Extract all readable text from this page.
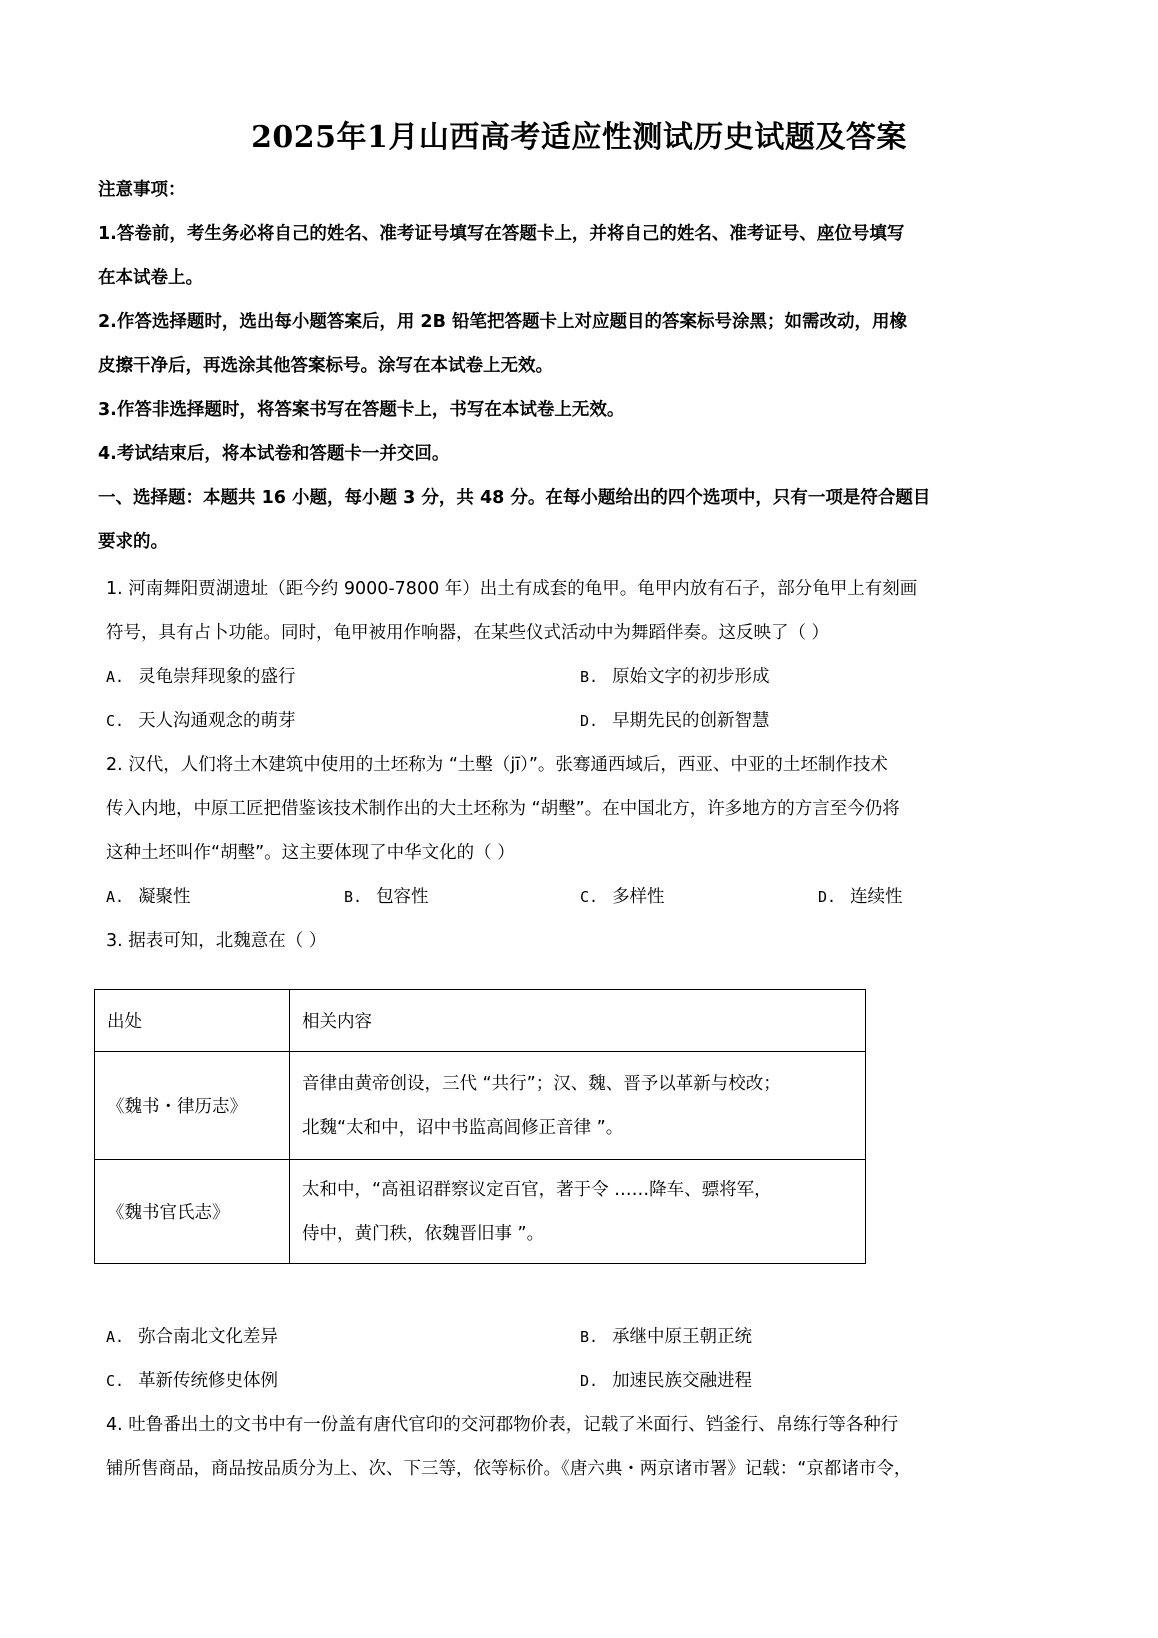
2025年1月山西高考适应性测试历史试题及答案
注意事项：
1.答卷前，考生务必将自己的姓名、准考证号填写在答题卡上，并将自己的姓名、准考证号、座位号填写
在本试卷上。
2.作答选择题时，选出每小题答案后，用 2B 铅笔把答题卡上对应题目的答案标号涂黑；如需改动，用橡
皮擦干净后，再选涂其他答案标号。涂写在本试卷上无效。
3.作答非选择题时，将答案书写在答题卡上，书写在本试卷上无效。
4.考试结束后，将本试卷和答题卡一并交回。
一、选择题：本题共 16 小题，每小题 3 分，共 48 分。在每小题给出的四个选项中，只有一项是符合题目
要求的。
1. 河南舞阳贾湖遗址（距今约 9000-7800 年）出土有成套的龟甲。龟甲内放有石子，部分龟甲上有刻画
符号，具有占卜功能。同时，龟甲被用作响器，在某些仪式活动中为舞蹈伴奏。这反映了（ ）
A. 灵龟崇拜现象的盛行	B. 原始文字的初步形成
C. 天人沟通观念的萌芽	D. 早期先民的创新智慧
2. 汉代，人们将土木建筑中使用的土坯称为 “土墼（jī）”。张骞通西域后，西亚、中亚的土坯制作技术
传入内地，中原工匠把借鉴该技术制作出的大土坯称为 “胡墼”。在中国北方，许多地方的方言至今仍将
这种土坯叫作“胡墼”。这主要体现了中华文化的（ ）
A. 凝聚性	B. 包容性	C. 多样性	D. 连续性
3. 据表可知，北魏意在（ ）
出处	相关内容
《魏书・律历志》	音律由黄帝创设，三代 “共行”；汉、魏、晋予以革新与校改；
北魏“太和中，诏中书监高闾修正音律 ”。

《魏书官氏志》	太和中，“高祖诏群察议定百官，著于令 ……降车、骠将军，
侍中，黄门秩，依魏晋旧事 ”。
A. 弥合南北文化差异	B. 承继中原王朝正统
C. 革新传统修史体例	D. 加速民族交融进程
4. 吐鲁番出土的文书中有一份盖有唐代官印的交河郡物价表，记载了米面行、铛釜行、帛练行等各种行
铺所售商品，商品按品质分为上、次、下三等，依等标价。《唐六典・两京诸市署》记载：“京都诸市令，
